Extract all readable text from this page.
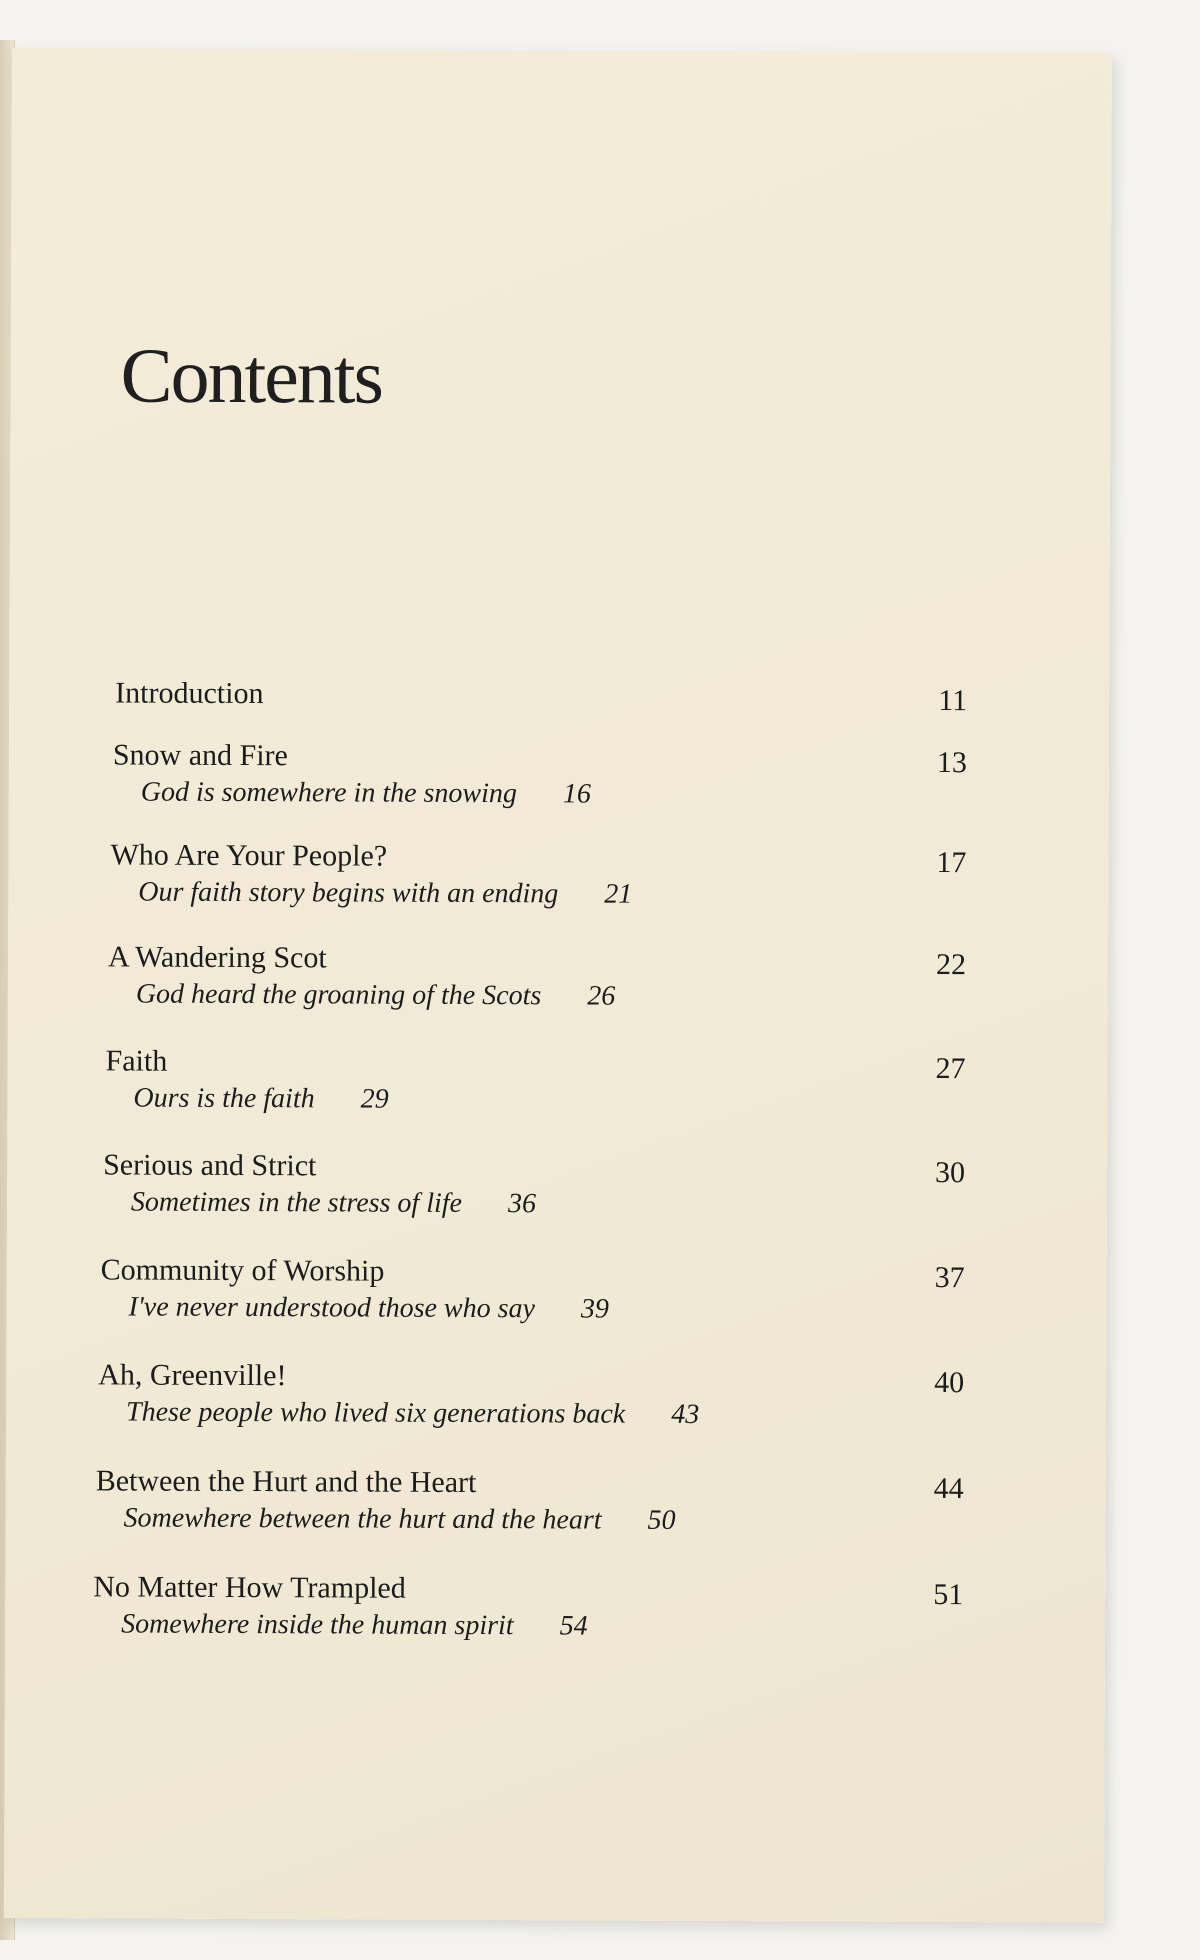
Contents
Introduction	11
Snow and Fire
God is somewhere in the snowing 16
13
Who Are Your People?
Our faith story begins with an ending 21
17
A Wandering Scot
God heard the groaning of the Scots 26
22
Faith
Ours is the faith 29
27
Serious and Strict
Sometimes in the stress of life 36
30
Community of Worship
I've never understood those who say 39
37
Ah, Greenville!
These people who lived six generations back 43
40
Between the Hurt and the Heart
Somewhere between the hurt and the heart 50
44
No Matter How Trampled
Somewhere inside the human spirit 54
51
